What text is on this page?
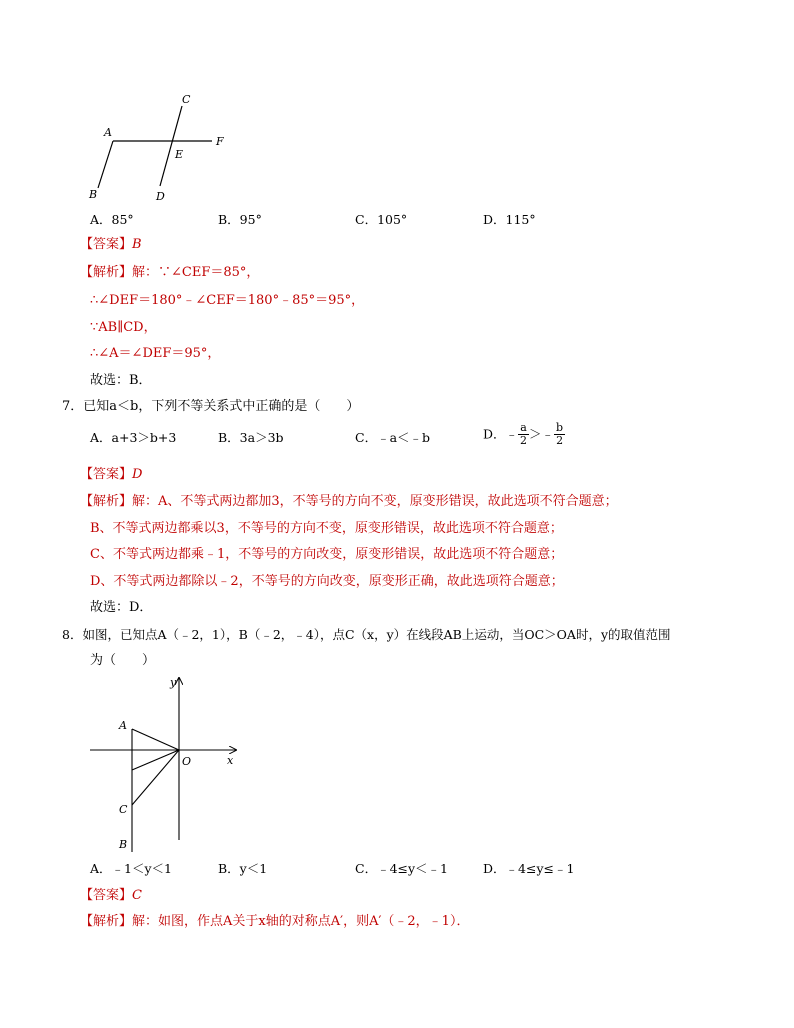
C
A
E
F
B	D
A．85°	B．95°	C．105°	D．115°
【答案】B
【解析】解：∵∠CEF＝85°，
∴∠DEF＝180°﹣∠CEF＝180°﹣85°＝95°，
∵AB∥CD，
∴∠A＝∠DEF＝95°，
故选：B．
7．已知a＜b，下列不等关系式中正确的是（　　）
A．a+3＞b+3	B．3a＞3b	C．﹣a＜﹣b	D．﹣ $\frac{a}{2}$ ＞﹣ $\frac{b}{2}$
【答案】D
【解析】解：A、不等式两边都加3，不等号的方向不变，原变形错误，故此选项不符合题意；
B、不等式两边都乘以3，不等号的方向不变，原变形错误，故此选项不符合题意；
C、不等式两边都乘﹣1，不等号的方向改变，原变形错误，故此选项不符合题意；
D、不等式两边都除以﹣2，不等号的方向改变，原变形正确，故此选项符合题意；
故选：D．
8．如图，已知点A（﹣2，1），B（﹣2，﹣4），点C（x，y）在线段AB上运动，当OC＞OA时，y的取值范围
为（　　）
y
x
O
A
C
B
A．﹣1＜y＜1	B．y＜1	C．﹣4≤y＜﹣1	D．﹣4≤y≤﹣1
【答案】C
【解析】解：如图，作点A关于x轴的对称点A′，则A′（﹣2，﹣1）．
